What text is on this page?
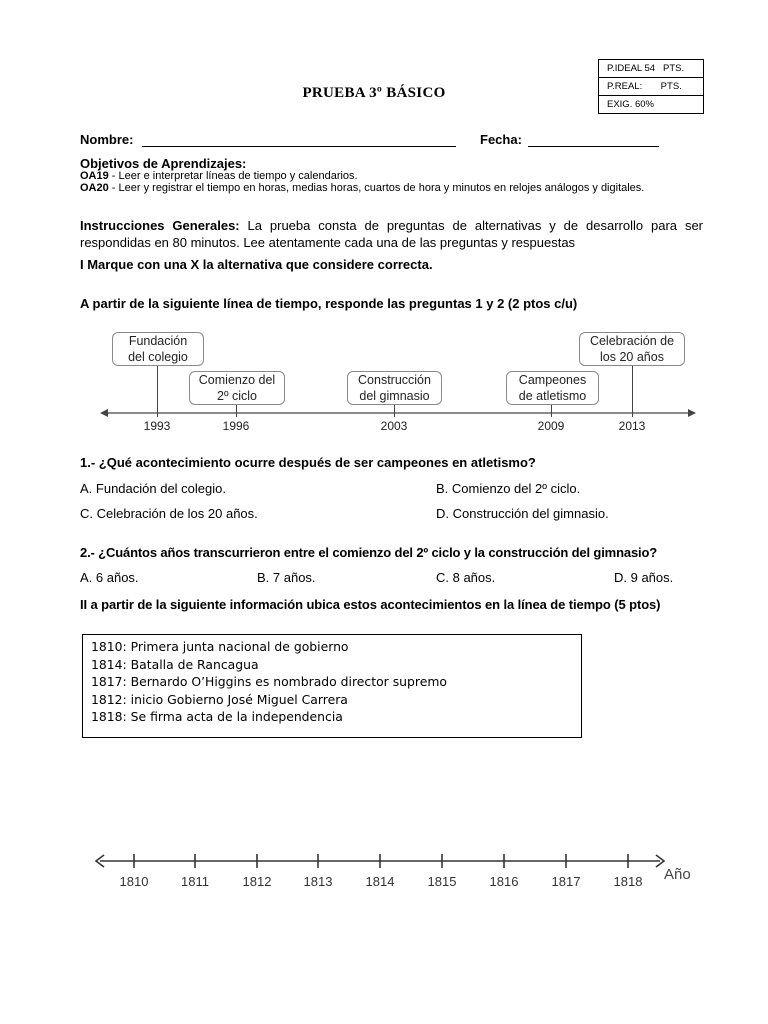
P.IDEAL 54   PTS.
P.REAL:       PTS.
EXIG. 60%
PRUEBA 3º BÁSICO
Nombre:	Fecha:
Objetivos de Aprendizajes:
OA19 - Leer e interpretar líneas de tiempo y calendarios.
OA20 - Leer y registrar el tiempo en horas, medias horas, cuartos de hora y minutos en relojes análogos y digitales.
Instrucciones Generales: La prueba consta de preguntas de alternativas y de desarrollo para ser respondidas en 80 minutos. Lee atentamente cada una de las preguntas y respuestas
I Marque con una X la alternativa que considere correcta.
A partir de la siguiente línea de tiempo, responde las preguntas 1 y 2 (2 ptos c/u)
Fundación
del colegio
Comienzo del
2º ciclo
Construcción
del gimnasio
Campeones
de atletismo
Celebración de
los 20 años
1993	1996	2003	2009	2013
1.- ¿Qué acontecimiento ocurre después de ser campeones en atletismo?
A. Fundación del colegio.	B. Comienzo del 2º ciclo.
C. Celebración de los 20 años.	D. Construcción del gimnasio.
2.- ¿Cuántos años transcurrieron entre el comienzo del 2º ciclo y la construcción del gimnasio?
A. 6 años.	B. 7 años.	C. 8 años.	D. 9 años.
II a partir de la siguiente información ubica estos acontecimientos en la línea de tiempo (5 ptos)
1810: Primera junta nacional de gobierno
1814: Batalla de Rancagua
1817: Bernardo O’Higgins es nombrado director supremo
1812: inicio Gobierno José Miguel Carrera
1818: Se firma acta de la independencia
1810	1811	1812	1813	1814	1815	1816	1817	1818	Año
